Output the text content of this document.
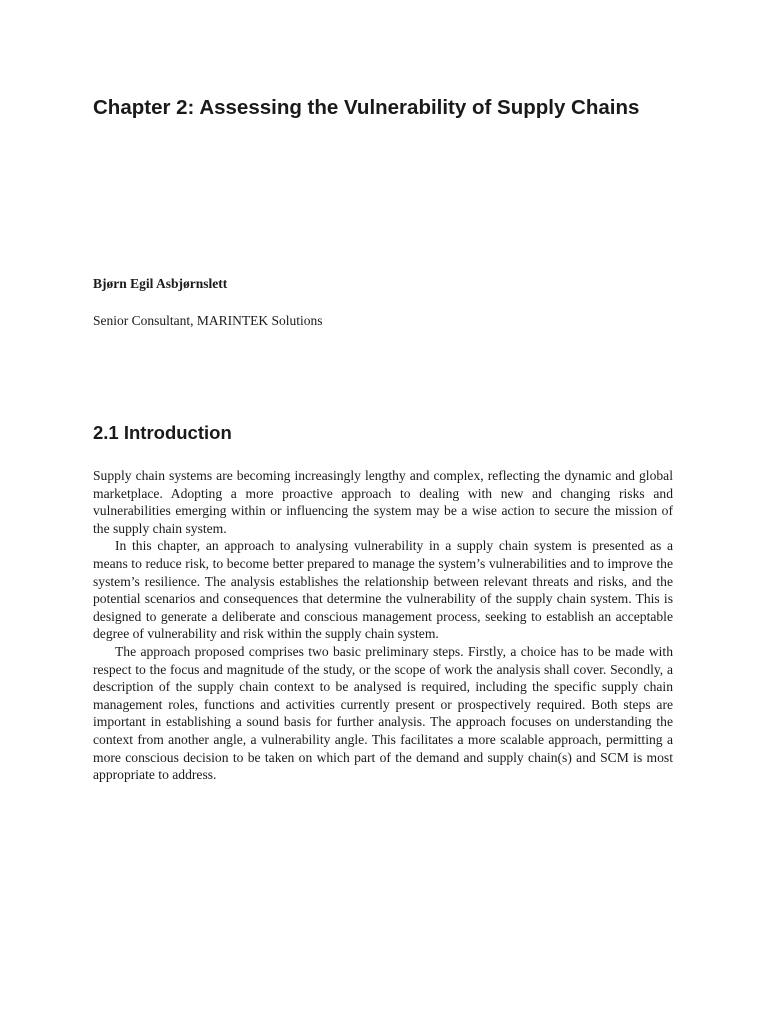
Chapter 2: Assessing the Vulnerability of Supply Chains

Bjørn Egil Asbjørnslett

Senior Consultant, MARINTEK Solutions

2.1 Introduction

Supply chain systems are becoming increasingly lengthy and complex, reflecting the dynamic and global marketplace. Adopting a more proactive approach to dealing with new and changing risks and vulnerabilities emerging within or influencing the system may be a wise action to secure the mission of the supply chain system.

In this chapter, an approach to analysing vulnerability in a supply chain system is presented as a means to reduce risk, to become better prepared to manage the system’s vulnerabilities and to improve the system’s resilience. The analysis establishes the relationship between relevant threats and risks, and the potential scenarios and consequences that determine the vulnerability of the supply chain system. This is designed to generate a deliberate and conscious management process, seeking to establish an acceptable degree of vulnerability and risk within the supply chain system.

The approach proposed comprises two basic preliminary steps. Firstly, a choice has to be made with respect to the focus and magnitude of the study, or the scope of work the analysis shall cover. Secondly, a description of the supply chain context to be analysed is required, including the specific supply chain management roles, functions and activities currently present or prospectively required. Both steps are important in establishing a sound basis for further analysis. The approach focuses on understanding the context from another angle, a vulnerability angle. This facilitates a more scalable approach, permitting a more conscious decision to be taken on which part of the demand and supply chain(s) and SCM is most appropriate to address.
